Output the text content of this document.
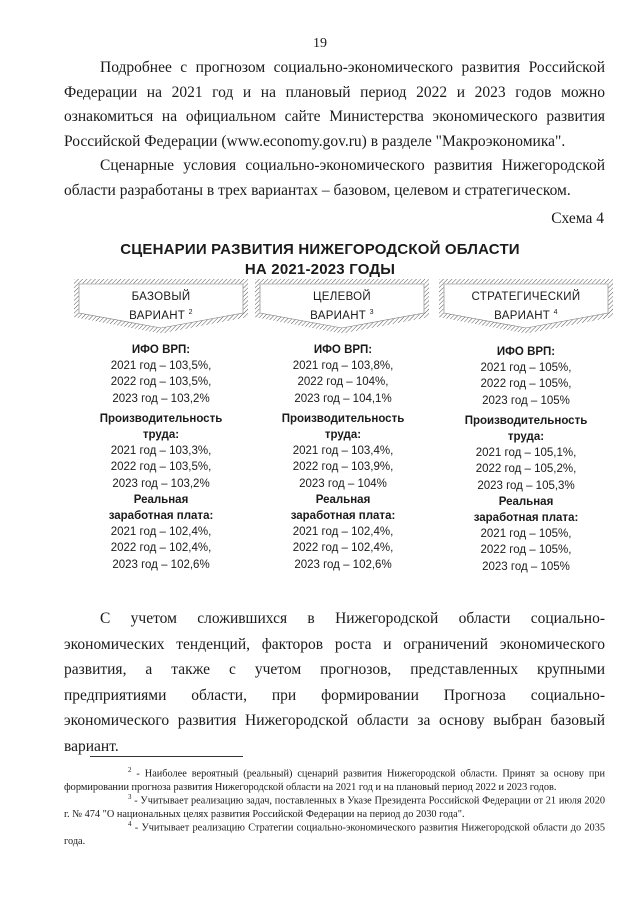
19

Подробнее с прогнозом социально-экономического развития Российской Федерации на 2021 год и на плановый период 2022 и 2023 годов можно ознакомиться на официальном сайте Министерства экономического развития Российской Федерации (www.economy.gov.ru) в разделе "Макроэкономика".

Сценарные условия социально-экономического развития Нижегородской области разработаны в трех вариантах – базовом, целевом и стратегическом.

Схема 4
СЦЕНАРИИ РАЗВИТИЯ НИЖЕГОРОДСКОЙ ОБЛАСТИ
НА 2021-2023 ГОДЫ
БАЗОВЫЙ
ВАРИАНТ $^2$
ЦЕЛЕВОЙ
ВАРИАНТ $^3$
СТРАТЕГИЧЕСКИЙ
ВАРИАНТ $^4$
ИФО ВРП:
2021 год – 103,5%,
2022 год – 103,5%,
2023 год – 103,2%
Производительность
труда:
2021 год – 103,3%,
2022 год – 103,5%,
2023 год – 103,2%
Реальная
заработная плата:
2021 год – 102,4%,
2022 год – 102,4%,
2023 год – 102,6%
ИФО ВРП:
2021 год – 103,8%,
2022 год – 104%,
2023 год – 104,1%
Производительность
труда:
2021 год – 103,4%,
2022 год – 103,9%,
2023 год – 104%
Реальная
заработная плата:
2021 год – 102,4%,
2022 год – 102,4%,
2023 год – 102,6%
ИФО ВРП:
2021 год – 105%,
2022 год – 105%,
2023 год – 105%
Производительность
труда:
2021 год – 105,1%,
2022 год – 105,2%,
2023 год – 105,3%
Реальная
заработная плата:
2021 год – 105%,
2022 год – 105%,
2023 год – 105%

С учетом сложившихся в Нижегородской области социально-экономических тенденций, факторов роста и ограничений экономического развития, а также с учетом прогнозов, представленных крупными предприятиями области, при формировании Прогноза социально-экономического развития Нижегородской области за основу выбран базовый вариант.

$^2$ - Наиболее вероятный (реальный) сценарий развития Нижегородской области. Принят за основу при формировании прогноза развития Нижегородской области на 2021 год и на плановый период 2022 и 2023 годов.

$^3$ - Учитывает реализацию задач, поставленных в Указе Президента Российской Федерации от 21 июля 2020 г. № 474 "О национальных целях развития Российской Федерации на период до 2030 года".

$^4$ - Учитывает реализацию Стратегии социально-экономического развития Нижегородской области до 2035 года.
